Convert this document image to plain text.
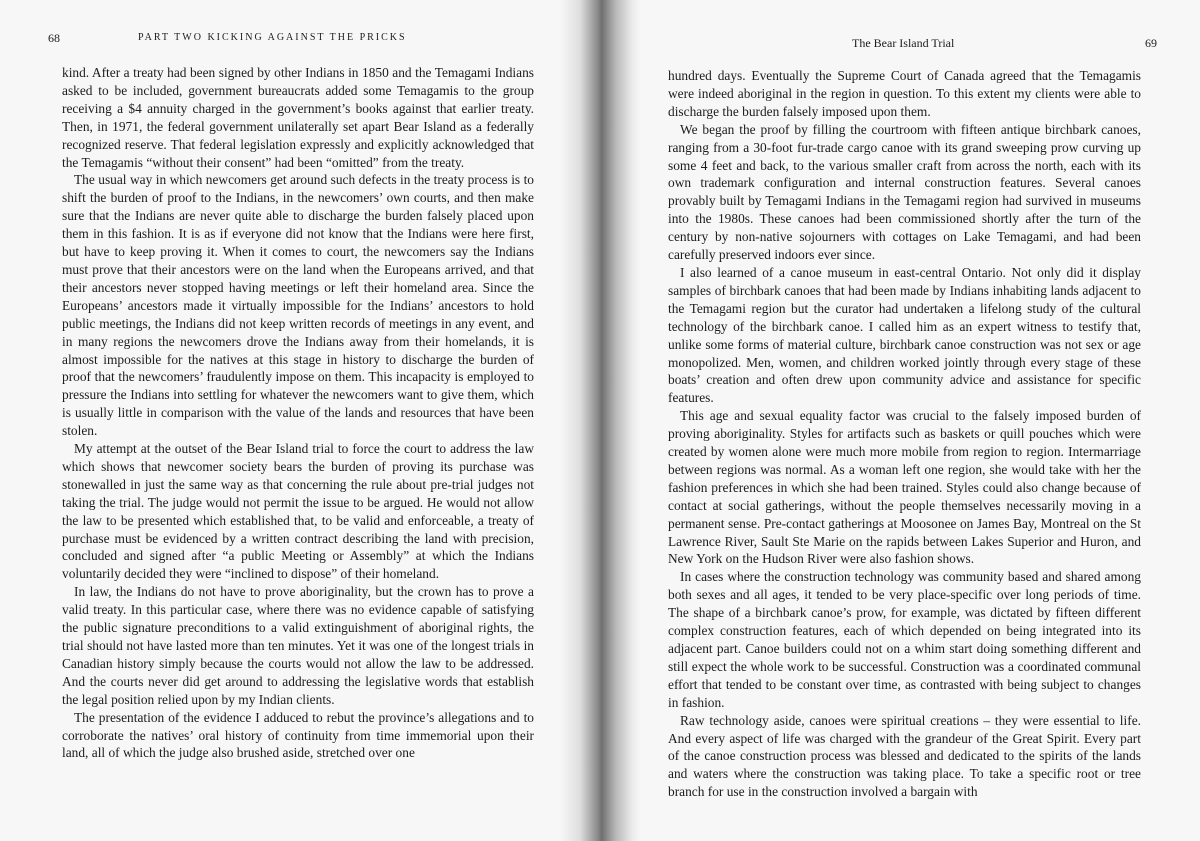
68	PART TWO KICKING AGAINST THE PRICKS

kind. After a treaty had been signed by other Indians in 1850 and the Temagami Indians asked to be included, government bureaucrats added some Temagamis to the group receiving a $4 annuity charged in the government’s books against that earlier treaty. Then, in 1971, the federal government unilaterally set apart Bear Island as a federally recognized reserve. That federal legislation expressly and explicitly acknowledged that the Temagamis “without their consent” had been “omitted” from the treaty.

The usual way in which newcomers get around such defects in the treaty process is to shift the burden of proof to the Indians, in the newcomers’ own courts, and then make sure that the Indians are never quite able to discharge the burden falsely placed upon them in this fashion. It is as if everyone did not know that the Indians were here first, but have to keep proving it. When it comes to court, the newcomers say the Indians must prove that their ancestors were on the land when the Europeans arrived, and that their ancestors never stopped having meetings or left their homeland area. Since the Europeans’ ancestors made it virtually impossible for the Indians’ ancestors to hold public meetings, the Indians did not keep written records of meetings in any event, and in many regions the newcomers drove the Indians away from their homelands, it is almost impossible for the natives at this stage in history to discharge the burden of proof that the newcomers’ fraudulently impose on them. This incapacity is employed to pressure the Indians into settling for whatever the newcomers want to give them, which is usually little in comparison with the value of the lands and resources that have been stolen.

My attempt at the outset of the Bear Island trial to force the court to address the law which shows that newcomer society bears the burden of proving its purchase was stonewalled in just the same way as that concerning the rule about pre-trial judges not taking the trial. The judge would not permit the issue to be argued. He would not allow the law to be presented which established that, to be valid and enforceable, a treaty of purchase must be evidenced by a written contract describing the land with precision, concluded and signed after “a public Meeting or Assembly” at which the Indians voluntarily decided they were “inclined to dispose” of their homeland.

In law, the Indians do not have to prove aboriginality, but the crown has to prove a valid treaty. In this particular case, where there was no evidence capable of satisfying the public signature preconditions to a valid extinguishment of aboriginal rights, the trial should not have lasted more than ten minutes. Yet it was one of the longest trials in Canadian history simply because the courts would not allow the law to be addressed. And the courts never did get around to addressing the legislative words that establish the legal position relied upon by my Indian clients.

The presentation of the evidence I adduced to rebut the province’s allegations and to corroborate the natives’ oral history of continuity from time immemorial upon their land, all of which the judge also brushed aside, stretched over one

The Bear Island Trial	69

hundred days. Eventually the Supreme Court of Canada agreed that the Temagamis were indeed aboriginal in the region in question. To this extent my clients were able to discharge the burden falsely imposed upon them.

We began the proof by filling the courtroom with fifteen antique birchbark canoes, ranging from a 30-foot fur-trade cargo canoe with its grand sweeping prow curving up some 4 feet and back, to the various smaller craft from across the north, each with its own trademark configuration and internal construction features. Several canoes provably built by Temagami Indians in the Temagami region had survived in museums into the 1980s. These canoes had been commissioned shortly after the turn of the century by non-native sojourners with cottages on Lake Temagami, and had been carefully preserved indoors ever since.

I also learned of a canoe museum in east-central Ontario. Not only did it display samples of birchbark canoes that had been made by Indians inhabiting lands adjacent to the Temagami region but the curator had undertaken a lifelong study of the cultural technology of the birchbark canoe. I called him as an expert witness to testify that, unlike some forms of material culture, birchbark canoe construction was not sex or age monopolized. Men, women, and children worked jointly through every stage of these boats’ creation and often drew upon community advice and assistance for specific features.

This age and sexual equality factor was crucial to the falsely imposed burden of proving aboriginality. Styles for artifacts such as baskets or quill pouches which were created by women alone were much more mobile from region to region. Intermarriage between regions was normal. As a woman left one region, she would take with her the fashion preferences in which she had been trained. Styles could also change because of contact at social gatherings, without the people themselves necessarily moving in a permanent sense. Pre-contact gatherings at Moosonee on James Bay, Montreal on the St Lawrence River, Sault Ste Marie on the rapids between Lakes Superior and Huron, and New York on the Hudson River were also fashion shows.

In cases where the construction technology was community based and shared among both sexes and all ages, it tended to be very place-specific over long periods of time. The shape of a birchbark canoe’s prow, for example, was dictated by fifteen different complex construction features, each of which depended on being integrated into its adjacent part. Canoe builders could not on a whim start doing something different and still expect the whole work to be successful. Construction was a coordinated communal effort that tended to be constant over time, as contrasted with being subject to changes in fashion.

Raw technology aside, canoes were spiritual creations – they were essential to life. And every aspect of life was charged with the grandeur of the Great Spirit. Every part of the canoe construction process was blessed and dedicated to the spirits of the lands and waters where the construction was taking place. To take a specific root or tree branch for use in the construction involved a bargain with
